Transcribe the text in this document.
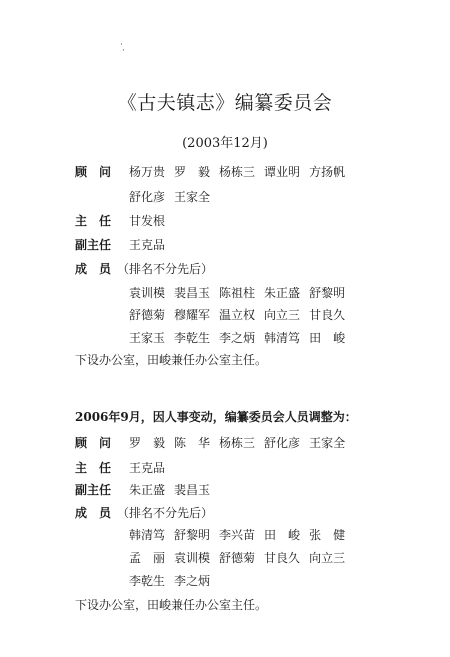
·
·
《古夫镇志》编纂委员会
(2003年12月)
顾　问 杨万贵 罗　毅 杨栋三 谭业明 方扬帆
舒化彦 王家全
主　任 甘发根
副主任 王克品
成　员 （排名不分先后）
袁训模 裴昌玉 陈祖柱 朱正盛 舒黎明
舒德菊 穆耀军 温立权 向立三 甘良久
王家玉 李乾生 李之炳 韩清笃 田　峻
下设办公室，田峻兼任办公室主任。
2006年9月，因人事变动，编纂委员会人员调整为：
顾　问 罗　毅 陈　华 杨栋三 舒化彦 王家全
主　任 王克品
副主任 朱正盛 裴昌玉
成　员 （排名不分先后）
韩清笃 舒黎明 李兴苗 田　峻 张　健
孟　丽 袁训模 舒德菊 甘良久 向立三
李乾生 李之炳
下设办公室，田峻兼任办公室主任。
